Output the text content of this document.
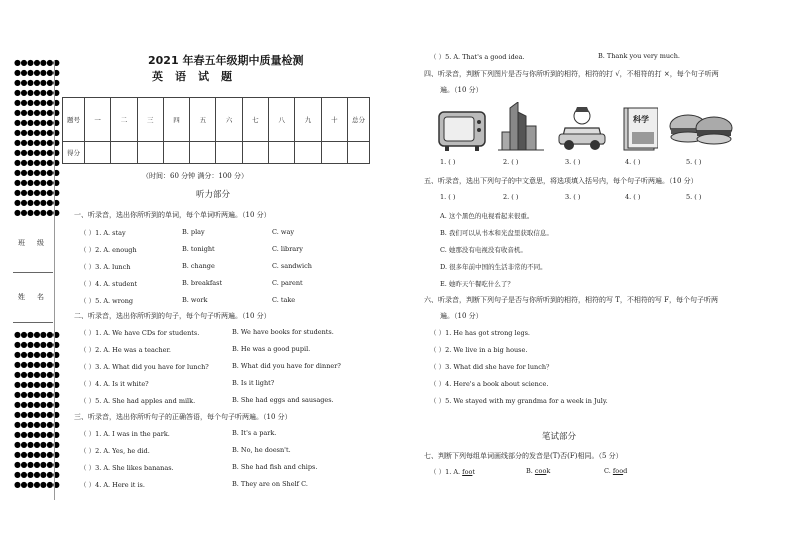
●●●●●●●
●●●●●●●
●●●●●●●
●●●●●●●
●●●●●●●
●●●●●●●
●●●●●●●
●●●●●●●
●●●●●●●
●●●●●●●
●●●●●●●
●●●●●●●
●●●●●●●
●●●●●●●
●●●●●●●
●●●●●●●
班级
姓名
●●●●●●●
●●●●●●●
●●●●●●●
●●●●●●●
●●●●●●●
●●●●●●●
●●●●●●●
●●●●●●●
●●●●●●●
●●●●●●●
●●●●●●●
●●●●●●●
●●●●●●●
●●●●●●●
●●●●●●●
●●●●●●●
2021 年春五年级期中质量检测
英语试题
题号	一	二	三	四	五	六	七	八	九	十	总分
得分											
（时间：60 分钟 满分：100 分）
听力部分
一、听录音，选出你所听到的单词，每个单词听两遍。（10 分）
（ ）1. A. stay	B. play	C. way
（ ）2. A. enough	B. tonight	C. library
（ ）3. A. lunch	B. change	C. sandwich
（ ）4. A. student	B. breakfast	C. parent
（ ）5. A. wrong	B. work	C. take
二、听录音，选出你所听到的句子，每个句子听两遍。（10 分）
（ ）1. A. We have CDs for students.	B. We have books for students.
（ ）2. A. He was a teacher.	B. He was a good pupil.
（ ）3. A. What did you have for lunch?	B. What did you have for dinner?
（ ）4. A. Is it white?	B. Is it light?
（ ）5. A. She had apples and milk.	B. She had eggs and sausages.
三、听录音，选出你所听句子的正确答语，每个句子听两遍。（10 分）
（ ）1. A. I was in the park.	B. It's a park.
（ ）2. A. Yes, he did.	B. No, he doesn't.
（ ）3. A. She likes bananas.	B. She had fish and chips.
（ ）4. A. Here it is.	B. They are on Shelf C.
（ ）5. A. That's a good idea.	B. Thank you very much.
四、听录音，判断下列图片是否与你所听到的相符，相符的打 √，不相符的打 ×，每个句子听两
遍。（10 分）
科学
1. ( )	2. ( )	3. ( )	4. ( )	5. ( )
五、听录音，选出下列句子的中文意思，将选项填入括号内，每个句子听两遍。（10 分）
1. ( )	2. ( )	3. ( )	4. ( )	5. ( )
A. 这个黑色的电视看起来很重。
B. 我们可以从书本和光盘里获取信息。
C. 她那没有电视没有收音机。
D. 很多年前中国的生活非常的不同。
E. 她昨天午餐吃什么了？
六、听录音，判断下列句子是否与你所听到的相符，相符的写 T，不相符的写 F，每个句子听两
遍。（10 分）
（ ）1. He has got strong legs.
（ ）2. We live in a big house.
（ ）3. What did she have for lunch？
（ ）4. Here's a book about science.
（ ）5. We stayed with my grandma for a week in July.
笔试部分
七、判断下列每组单词画线部分的发音是(T)否(F)相同。（5 分）
（ ）1. A. foot	B. cook	C. food
